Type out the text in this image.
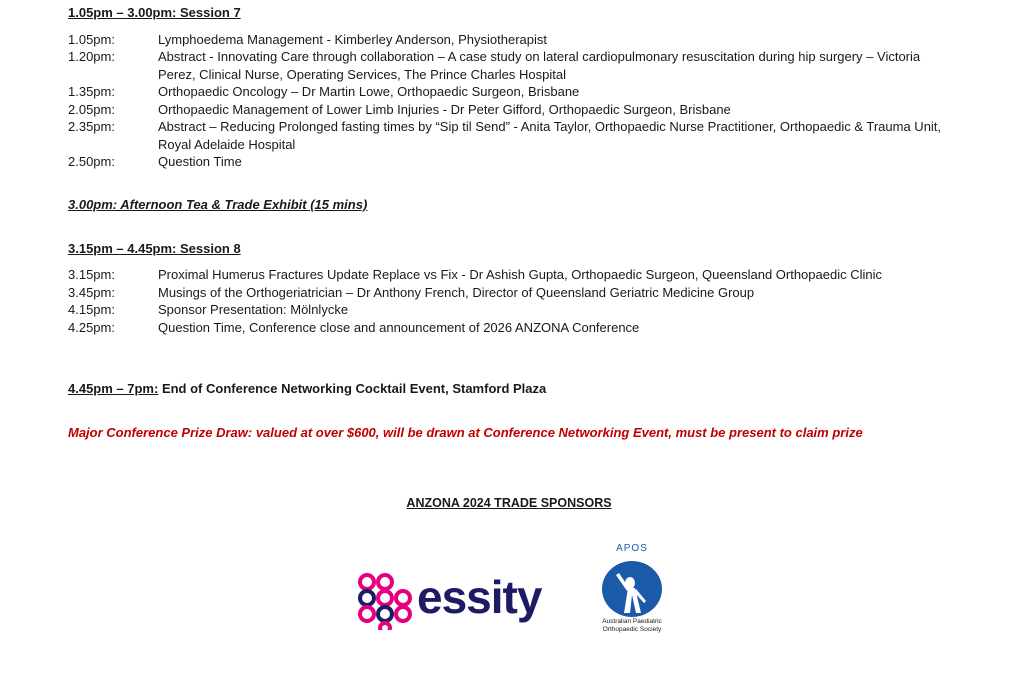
1.05pm – 3.00pm: Session 7
1.05pm:	Lymphoedema Management - Kimberley Anderson, Physiotherapist
1.20pm:	Abstract - Innovating Care through collaboration – A case study on lateral cardiopulmonary resuscitation during hip surgery – Victoria Perez, Clinical Nurse, Operating Services, The Prince Charles Hospital
1.35pm:	Orthopaedic Oncology – Dr Martin Lowe, Orthopaedic Surgeon, Brisbane
2.05pm:	Orthopaedic Management of Lower Limb Injuries - Dr Peter Gifford, Orthopaedic Surgeon, Brisbane
2.35pm:	Abstract – Reducing Prolonged fasting times by “Sip til Send” - Anita Taylor, Orthopaedic Nurse Practitioner, Orthopaedic & Trauma Unit, Royal Adelaide Hospital
2.50pm:	Question Time
3.00pm: Afternoon Tea & Trade Exhibit (15 mins)
3.15pm – 4.45pm: Session 8
3.15pm:	Proximal Humerus Fractures Update Replace vs Fix - Dr Ashish Gupta, Orthopaedic Surgeon, Queensland Orthopaedic Clinic
3.45pm:	Musings of the Orthogeriatrician – Dr Anthony French, Director of Queensland Geriatric Medicine Group
4.15pm:	Sponsor Presentation: Mölnlycke
4.25pm:	Question Time, Conference close and announcement of 2026 ANZONA Conference
4.45pm – 7pm: End of Conference Networking Cocktail Event, Stamford Plaza
Major Conference Prize Draw: valued at over $600, will be drawn at Conference Networking Event, must be present to claim prize
ANZONA 2024 TRADE SPONSORS
essity
APOS
Australian Paediatric
Orthopaedic Society
